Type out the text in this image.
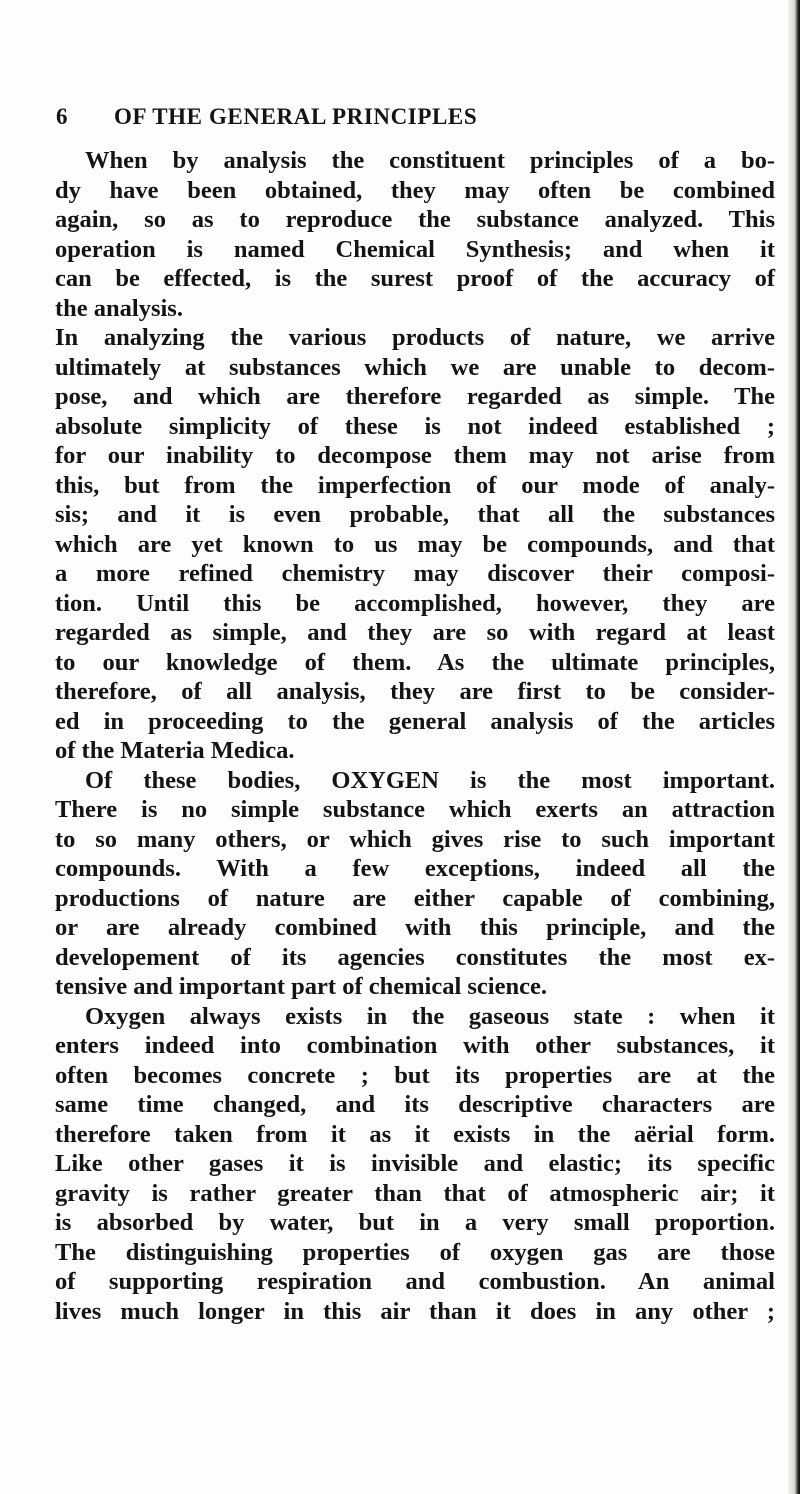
6 OF THE GENERAL PRINCIPLES
When by analysis the constituent principles of a bo-
dy have been obtained, they may often be combined
again, so as to reproduce the substance analyzed. This
operation is named Chemical Synthesis; and when it
can be effected, is the surest proof of the accuracy of
the analysis.
In analyzing the various products of nature, we arrive
ultimately at substances which we are unable to decom-
pose, and which are therefore regarded as simple. The
absolute simplicity of these is not indeed established ;
for our inability to decompose them may not arise from
this, but from the imperfection of our mode of analy-
sis; and it is even probable, that all the substances
which are yet known to us may be compounds, and that
a more refined chemistry may discover their composi-
tion. Until this be accomplished, however, they are
regarded as simple, and they are so with regard at least
to our knowledge of them. As the ultimate principles,
therefore, of all analysis, they are first to be consider-
ed in proceeding to the general analysis of the articles
of the Materia Medica.
Of these bodies, OXYGEN is the most important.
There is no simple substance which exerts an attraction
to so many others, or which gives rise to such important
compounds. With a few exceptions, indeed all the
productions of nature are either capable of combining,
or are already combined with this principle, and the
developement of its agencies constitutes the most ex-
tensive and important part of chemical science.
Oxygen always exists in the gaseous state : when it
enters indeed into combination with other substances, it
often becomes concrete ; but its properties are at the
same time changed, and its descriptive characters are
therefore taken from it as it exists in the aërial form.
Like other gases it is invisible and elastic; its specific
gravity is rather greater than that of atmospheric air; it
is absorbed by water, but in a very small proportion.
The distinguishing properties of oxygen gas are those
of supporting respiration and combustion. An animal
lives much longer in this air than it does in any other ;
